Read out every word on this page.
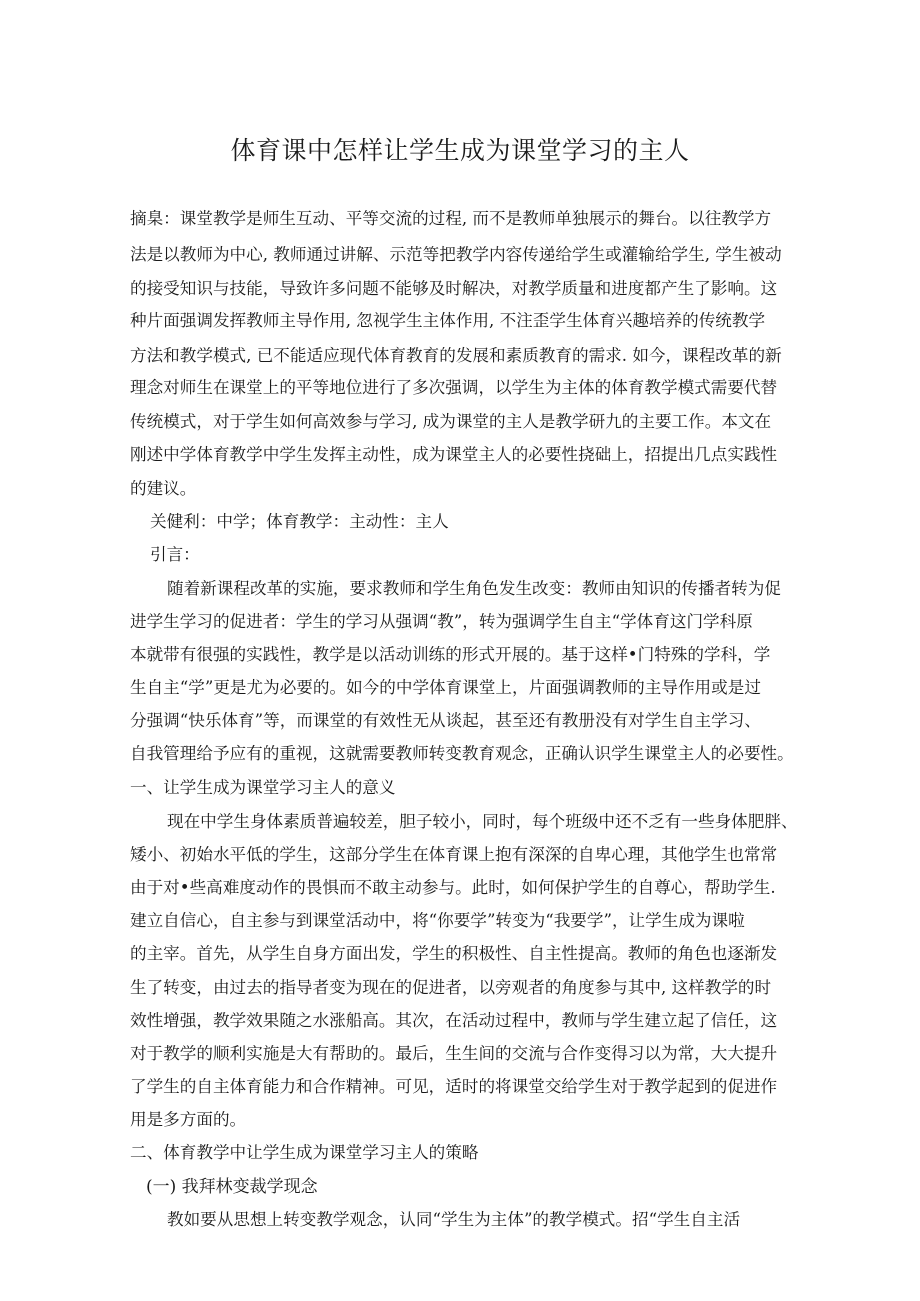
体育课中怎样让学生成为课堂学习的主人
摘臬：课堂教学是师生互动、平等交流的过程, 而不是教师单独展示的舞台。以往教学方
法是以教师为中心, 教师通过讲解、示范等把教学内容传递给学生或灌输给学生, 学生被动
的接受知识与技能，导致许多问题不能够及时解决，对教学质量和进度都产生了影响。这
种片面强调发挥教师主导作用, 忽视学生主体作用, 不注歪学生体育兴趣培养的传统教学
方法和教学模式, 已不能适应现代体育教育的发展和素质教育的需求. 如今，课程改革的新
理念对师生在课堂上的平等地位进行了多次强调，以学生为主体的体育教学模式需要代替
传统模式，对于学生如何高效参与学习, 成为课堂的主人是教学研九的主要工作。本文在
刚述中学体育教学中学生发挥主动性，成为课堂主人的必要性挠础上，招提出几点实践性
的建议。
关健利：中学；体育教学：主动性：主人
引言：
随着新课程改革的实施，要求教师和学生角色发生改变：教师由知识的传播者转为促
进学生学习的促进者：学生的学习从强调“教”，转为强调学生自主“学体育这门学科原
本就带有很强的实践性，教学是以活动训练的形式开展的。基于这样•门特殊的学科，学
生自主“学”更是尤为必要的。如今的中学体育课堂上，片面强调教师的主导作用或是过
分强调“快乐体育”等，而课堂的有效性无从谈起，甚至还有教册没有对学生自主学习、
自我管理给予应有的重视，这就需要教师转变教育观念，正确认识学生课堂主人的必要性。
一、让学生成为课堂学习主人的意义
现在中学生身体素质普遍较差，胆子较小，同时，每个班级中还不乏有一些身体肥胖、
矮小、初始水平低的学生，这部分学生在体育课上抱有深深的自卑心理，其他学生也常常
由于对•些高难度动作的畏惧而不敢主动参与。此时，如何保护学生的自尊心，帮助学生.
建立自信心，自主参与到课堂活动中，将“你要学”转变为“我要学”，让学生成为课啦
的主宰。首先，从学生自身方面出发，学生的积极性、自主性提高。教师的角色也逐渐发
生了转变，由过去的指导者变为现在的促进者，以旁观者的角度参与其中, 这样教学的时
效性增强，教学效果随之水涨船高。其次，在活动过程中，教师与学生建立起了信任，这
对于教学的顺利实施是大有帮助的。最后，生生间的交流与合作变得习以为常，大大提升
了学生的自主体育能力和合作精神。可见，适时的将课堂交给学生对于教学起到的促进作
用是多方面的。
二、体育教学中让学生成为课堂学习主人的策略
(一) 我拜林变裁学现念
教如要从思想上转变教学观念，认同“学生为主体”的教学模式。招“学生自主活
